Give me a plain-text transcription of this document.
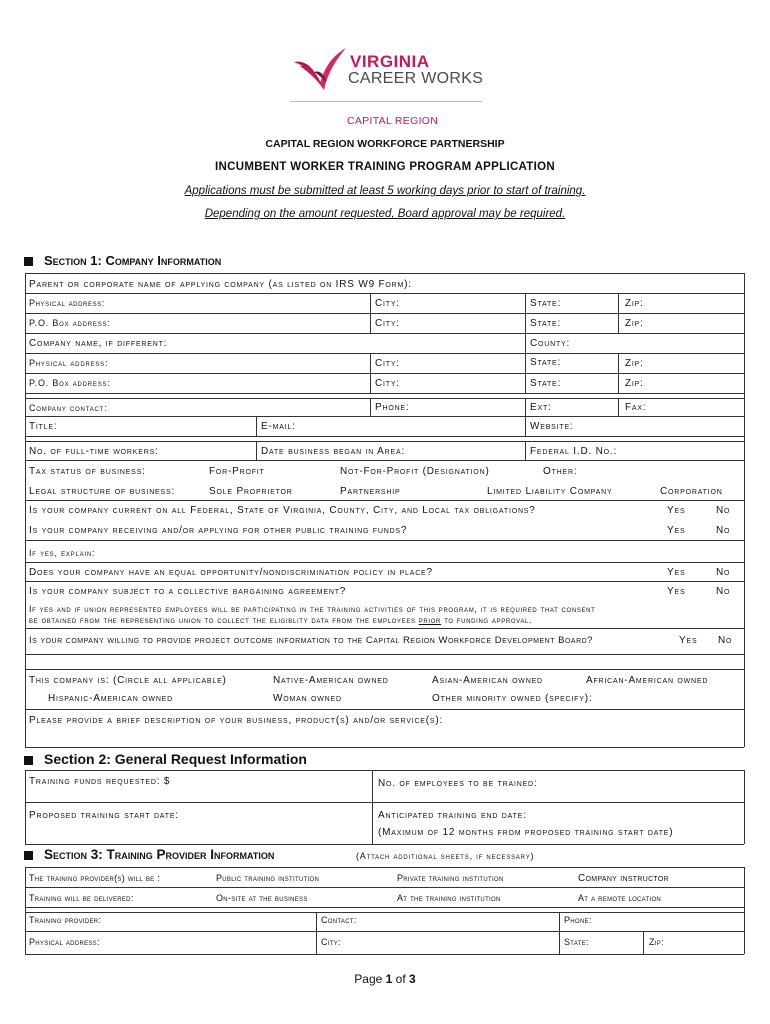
VIRGINIA
CAREER WORKS
CAPITAL REGION
CAPITAL REGION WORKFORCE PARTNERSHIP
INCUMBENT WORKER TRAINING PROGRAM APPLICATION
Applications must be submitted at least 5 working days prior to start of training.
Depending on the amount requested, Board approval may be required.
Section 1: Company Information
Parent or corporate name of applying company (as listed on IRS W9 Form):
Physical address:	City:	State:	Zip:
P.O. Box address:	City:	State:	Zip:
Company name, if different:	County:
Physical address:	City:	State:	Zip:
P.O. Box address:	City:	State:	Zip:
Company contact:	Phone:	Ext:	Fax:
Title:	E-mail:	Website:
No. of full-time workers:	Date business began in Area:	Federal I.D. No.:
Tax status of business:	For-Profit	Not-For-Profit (Designation)	Other:
Legal structure of business:	Sole Proprietor	Partnership	Limited Liability Company	Corporation
Is your company current on all Federal, State of Virginia, County, City, and Local tax obligations?	Yes	No
Is your company receiving and/or applying for other public training funds?	Yes	No
If yes, explain:
Does your company have an equal opportunity/nondiscrimination policy in place?	Yes	No
Is your company subject to a collective bargaining agreement?	Yes	No
If yes and if union represented employees will be participating in the training activities of this program, it is required that consent
be obtained from the representing union to collect the eligiblity data from the employees prior to funding approval.
Is your company willing to provide project outcome information to the Capital Region Workforce Development Board?	Yes No
This company is: (Circle all applicable)	Native-American owned	Asian-American owned	African-American owned
Hispanic-American owned	Woman owned	Other minority owned (specify):
Please provide a brief description of your business, product(s) and/or service(s):
Section 2: General Request Information
Training funds requested: $	No. of employees to be trained:
Proposed training start date:	Anticipated training end date:
(Maximum of 12 months from proposed training start date)
Section 3: Training Provider Information	(Attach additional sheets, if necessary)
The training provider(s) will be :	Public training institution	Private training institution	Company instructor
Training will be delivered:	On-site at the business	At the training institution	At a remote location
Training provider:	Contact:	Phone:
Physical address:	City:	State:	Zip:
Page 1 of 3
